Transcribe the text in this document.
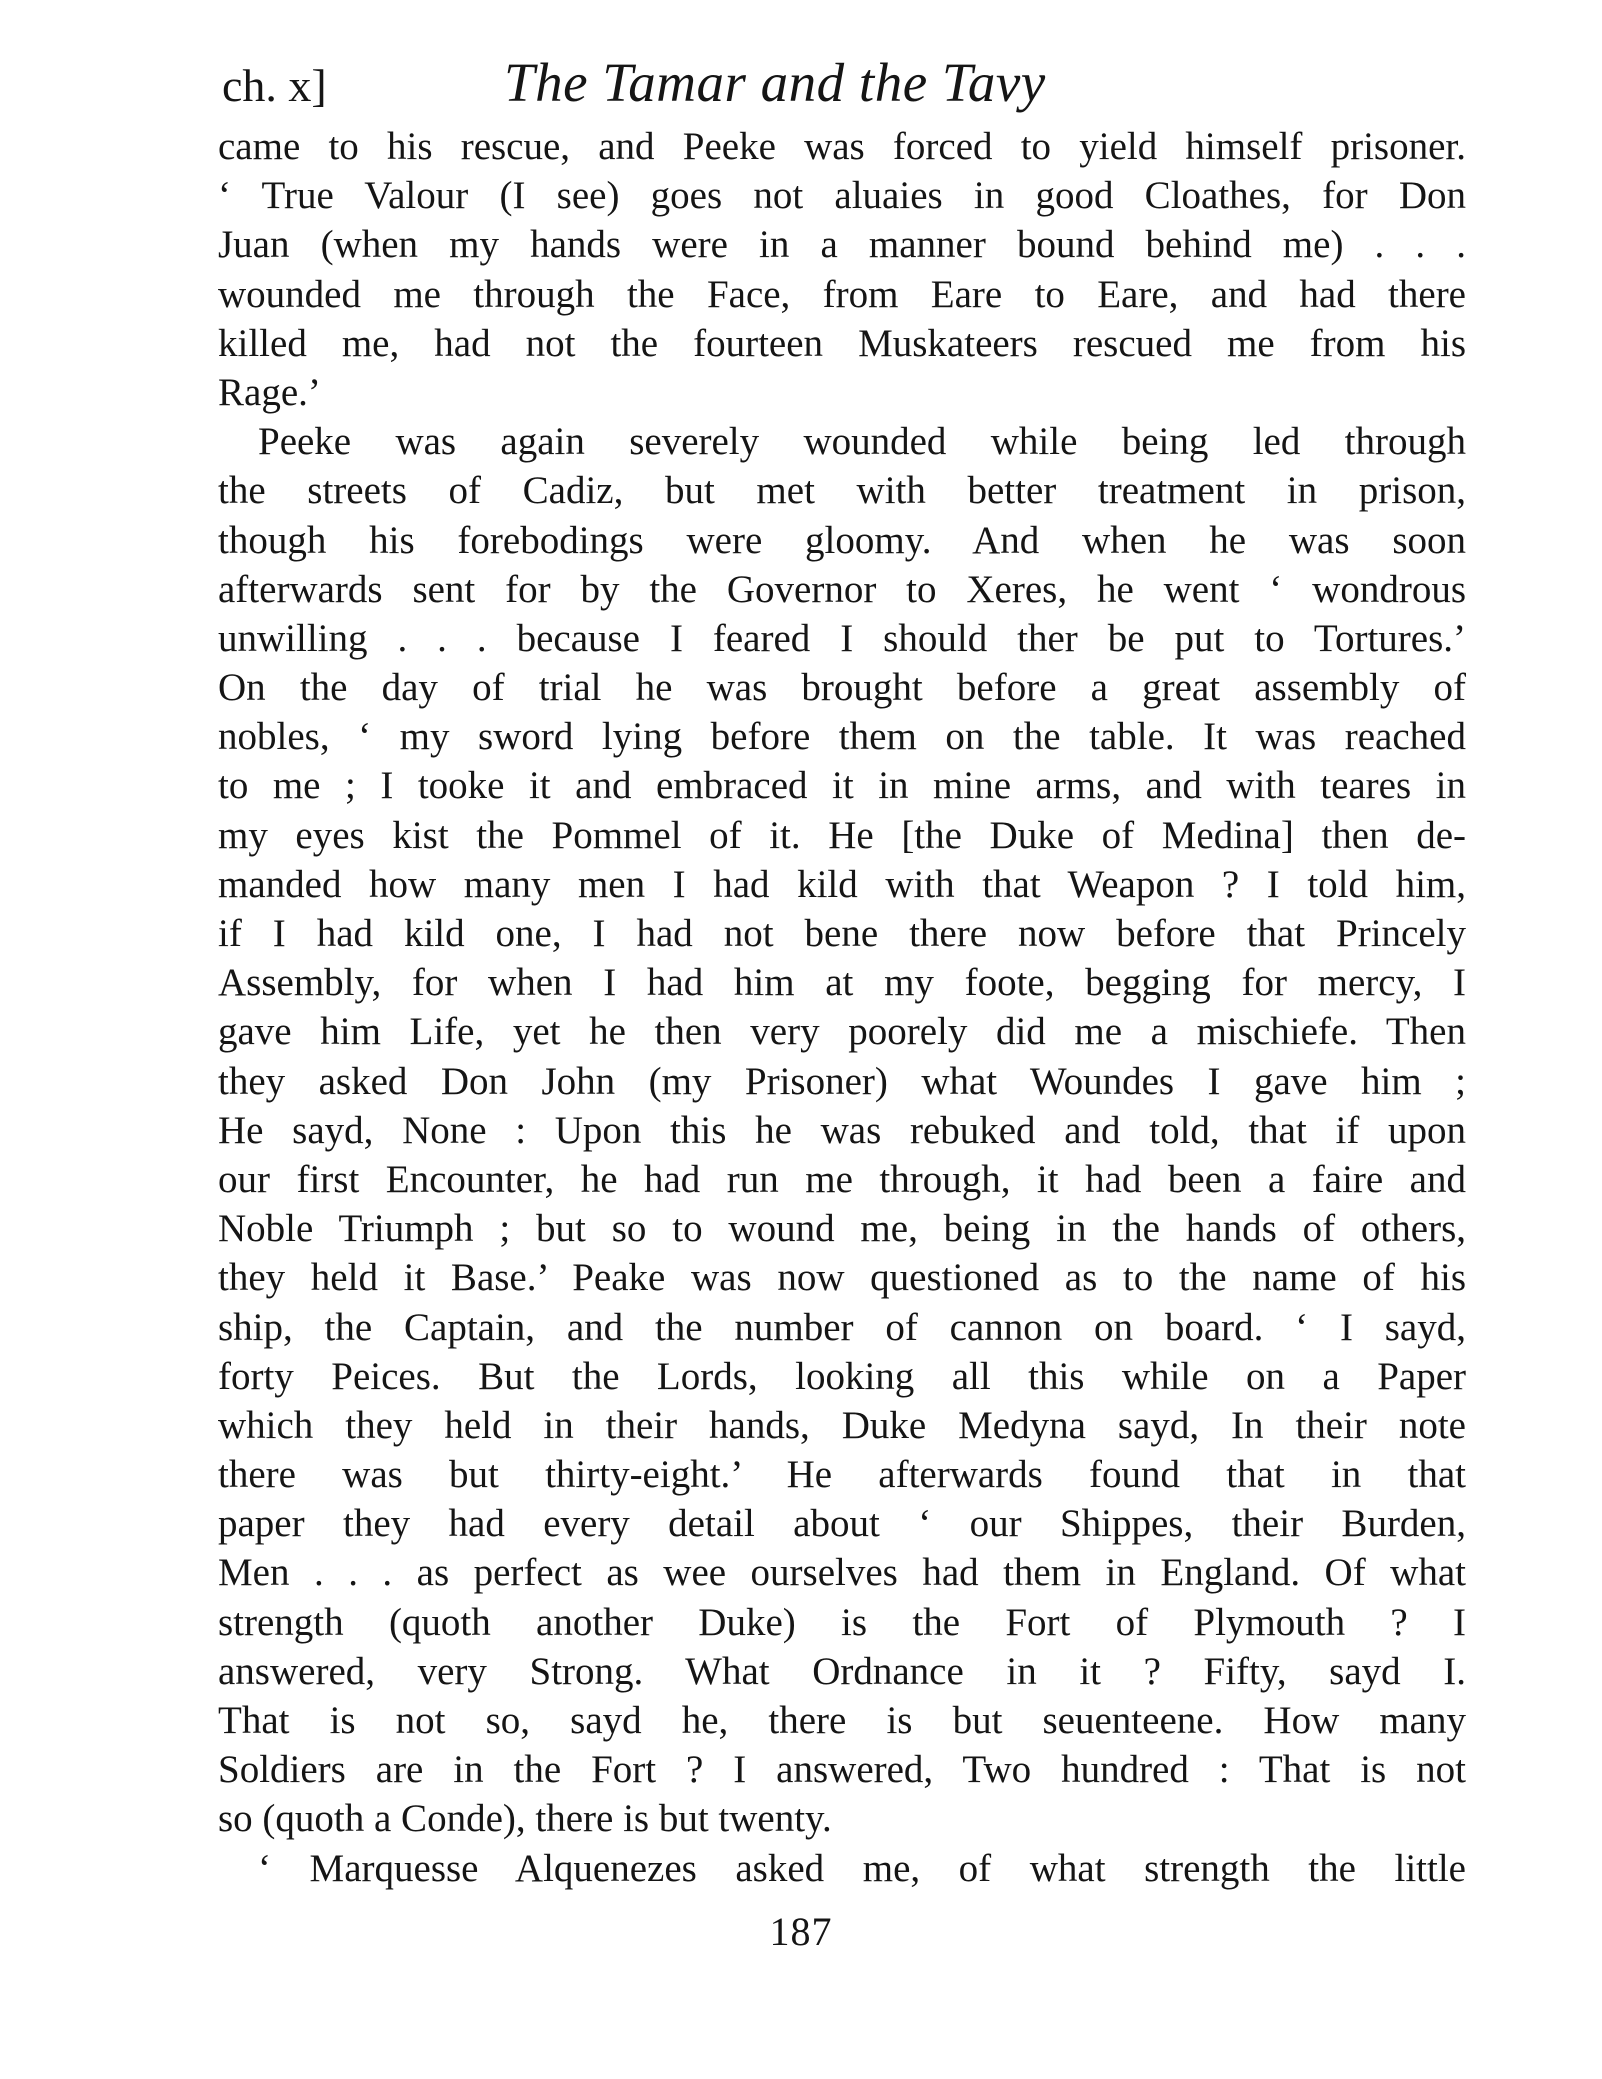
ch. x]	The Tamar and the Tavy
came to his rescue, and Peeke was forced to yield himself prisoner.
‘ True Valour (I see) goes not aluaies in good Cloathes, for Don
Juan (when my hands were in a manner bound behind me) . . .
wounded me through the Face, from Eare to Eare, and had there
killed me, had not the fourteen Muskateers rescued me from his
Rage.’
Peeke was again severely wounded while being led through
the streets of Cadiz, but met with better treatment in prison,
though his forebodings were gloomy. And when he was soon
afterwards sent for by the Governor to Xeres, he went ‘ wondrous
unwilling . . . because I feared I should ther be put to Tortures.’
On the day of trial he was brought before a great assembly of
nobles, ‘ my sword lying before them on the table. It was reached
to me ; I tooke it and embraced it in mine arms, and with teares in
my eyes kist the Pommel of it. He [the Duke of Medina] then de-
manded how many men I had kild with that Weapon ? I told him,
if I had kild one, I had not bene there now before that Princely
Assembly, for when I had him at my foote, begging for mercy, I
gave him Life, yet he then very poorely did me a mischiefe. Then
they asked Don John (my Prisoner) what Woundes I gave him ;
He sayd, None : Upon this he was rebuked and told, that if upon
our first Encounter, he had run me through, it had been a faire and
Noble Triumph ; but so to wound me, being in the hands of others,
they held it Base.’ Peake was now questioned as to the name of his
ship, the Captain, and the number of cannon on board. ‘ I sayd,
forty Peices. But the Lords, looking all this while on a Paper
which they held in their hands, Duke Medyna sayd, In their note
there was but thirty-eight.’ He afterwards found that in that
paper they had every detail about ‘ our Shippes, their Burden,
Men . . . as perfect as wee ourselves had them in England. Of what
strength (quoth another Duke) is the Fort of Plymouth ? I
answered, very Strong. What Ordnance in it ? Fifty, sayd I.
That is not so, sayd he, there is but seuenteene. How many
Soldiers are in the Fort ? I answered, Two hundred : That is not
so (quoth a Conde), there is but twenty.
‘ Marquesse Alquenezes asked me, of what strength the little
187
